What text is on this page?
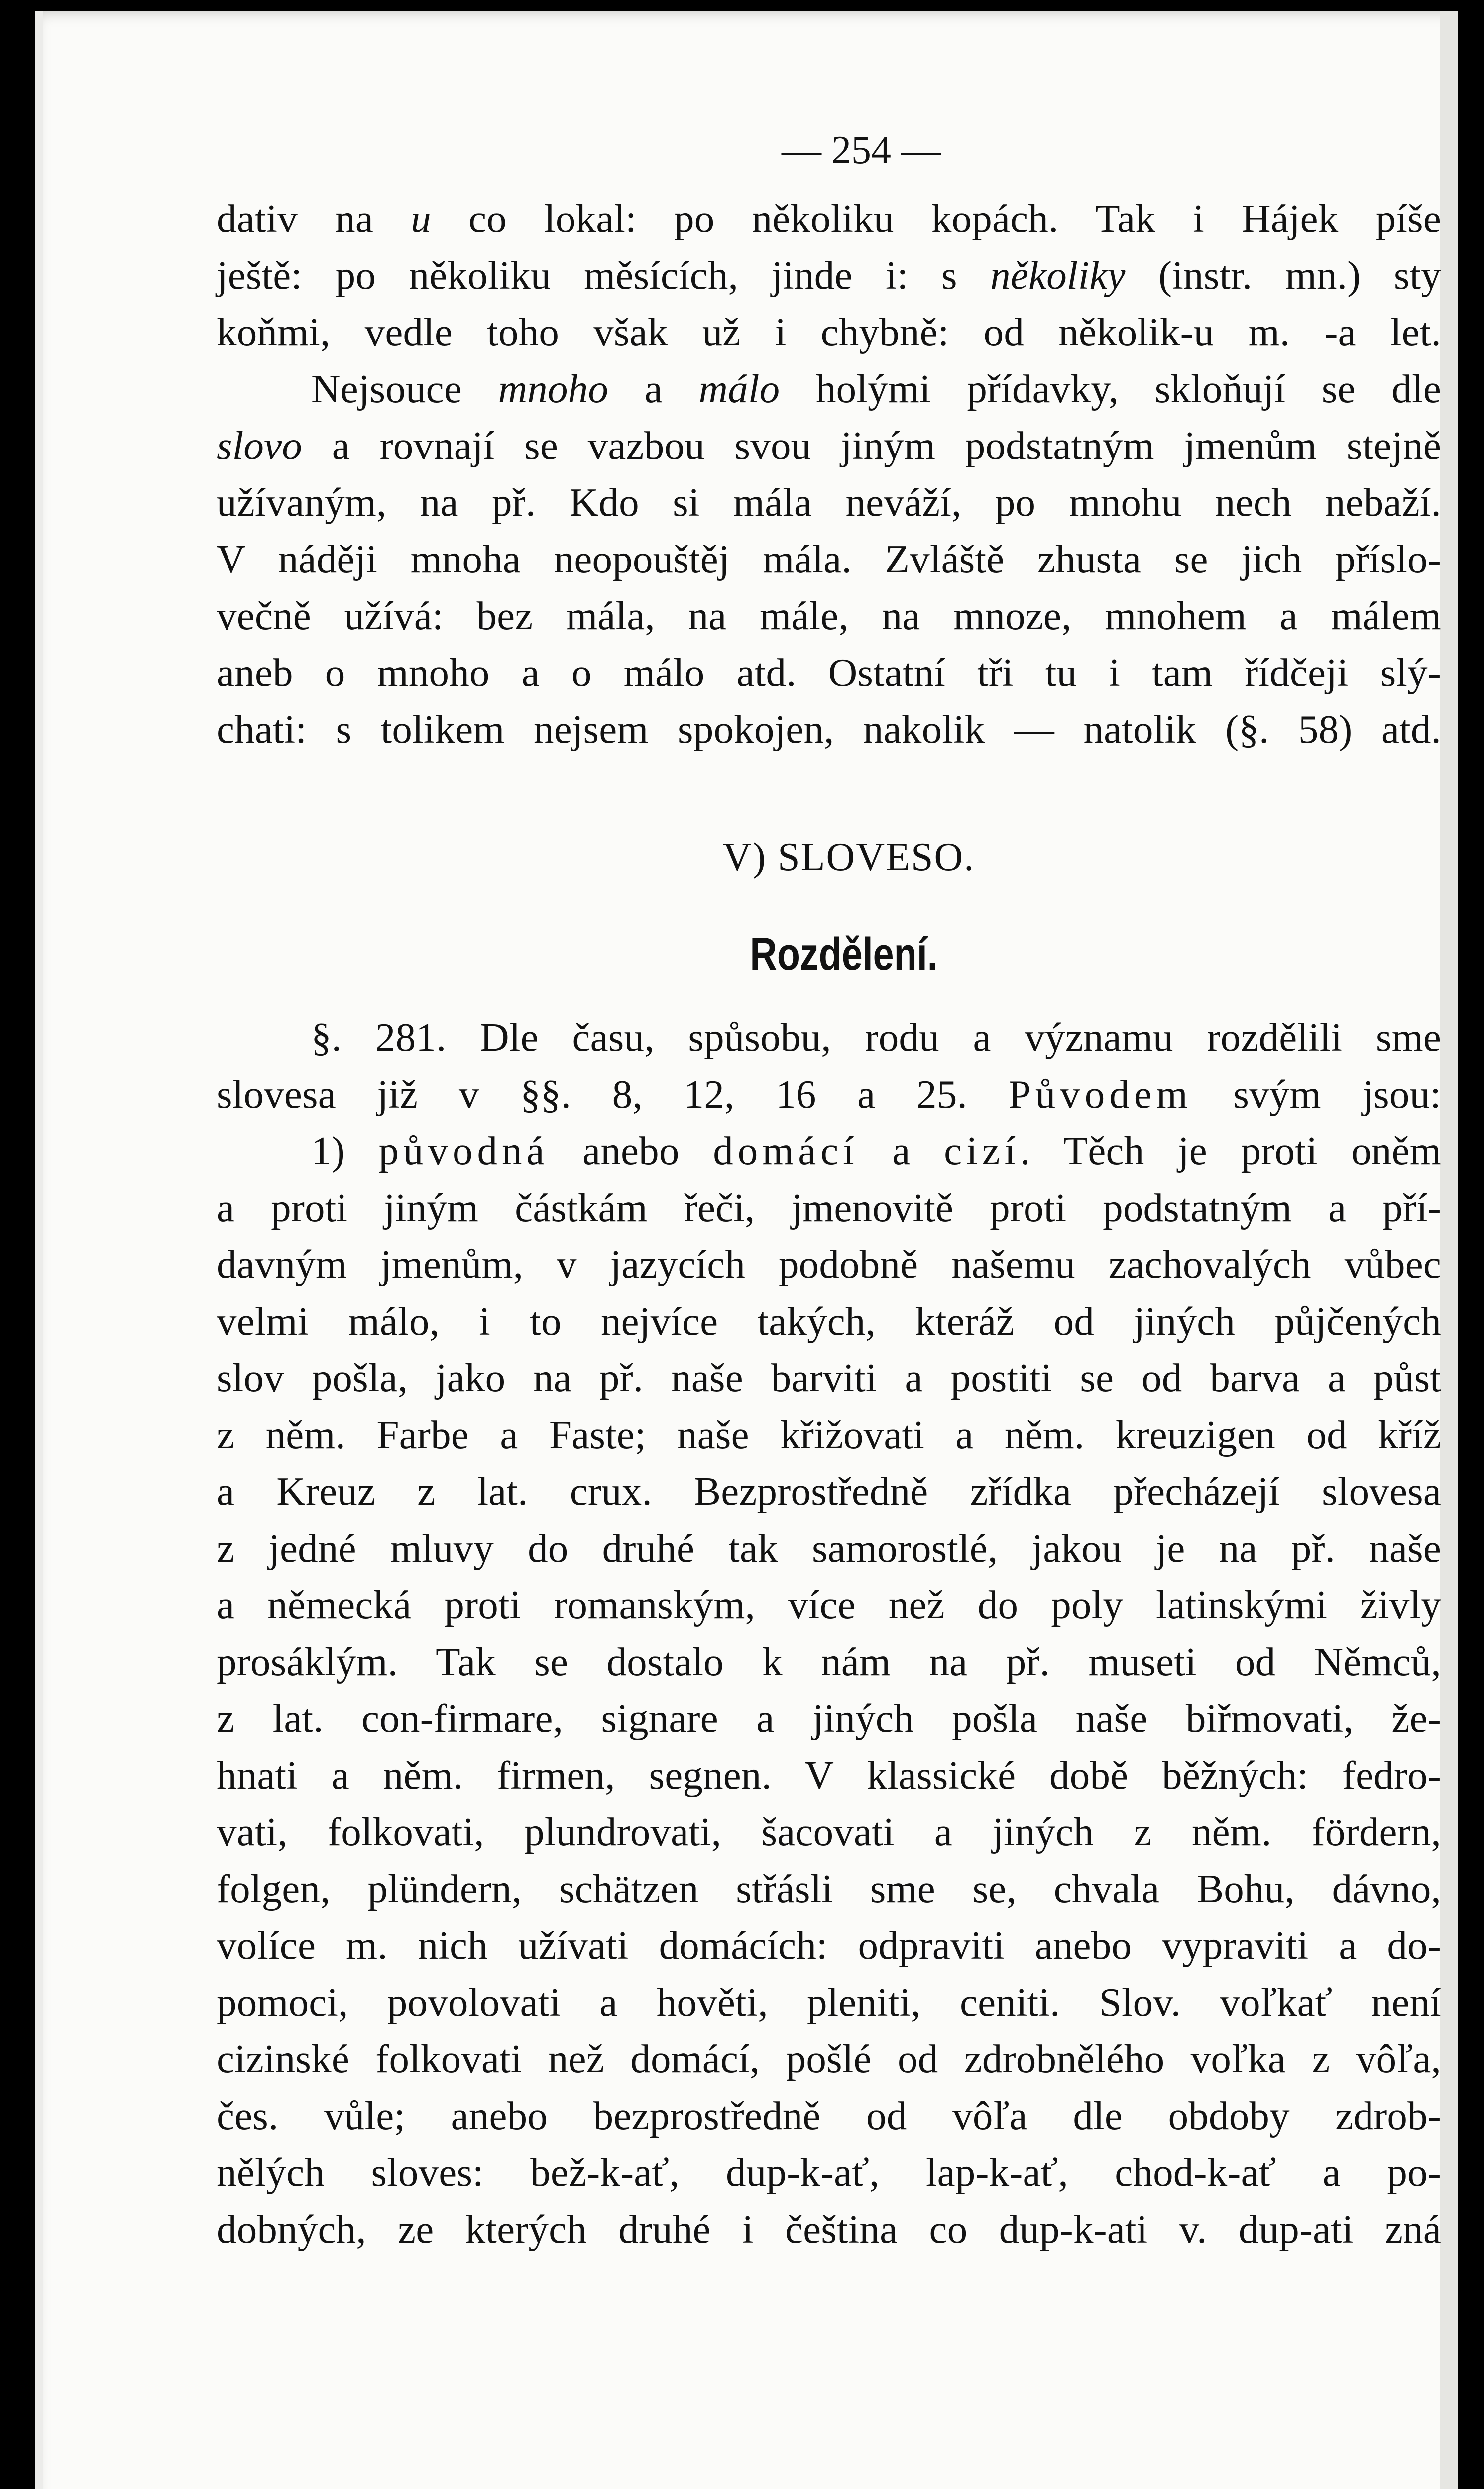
— 254 —
dativ na u co lokal: po několiku kopách. Tak i Hájek píše
ještě: po několiku měsících, jinde i: s několiky (instr. mn.) sty
koňmi, vedle toho však už i chybně: od několik-u m. -a let.
Nejsouce mnoho a málo holými přídavky, skloňují se dle
slovo a rovnají se vazbou svou jiným podstatným jmenům stejně
užívaným, na př. Kdo si mála neváží, po mnohu nech nebaží.
V náději mnoha neopouštěj mála. Zvláště zhusta se jich příslo-
večně užívá: bez mála, na mále, na mnoze, mnohem a málem
aneb o mnoho a o málo atd. Ostatní tři tu i tam řídčeji slý-
chati: s tolikem nejsem spokojen, nakolik — natolik (§. 58) atd.
V) SLOVESO.
Rozdělení.
§. 281. Dle času, spůsobu, rodu a významu rozdělili sme
slovesa již v §§. 8, 12, 16 a 25. Původem svým jsou:
1) původná anebo domácí a cizí. Těch je proti oněm
a proti jiným částkám řeči, jmenovitě proti podstatným a pří-
davným jmenům, v jazycích podobně našemu zachovalých vůbec
velmi málo, i to nejvíce takých, kteráž od jiných půjčených
slov pošla, jako na př. naše barviti a postiti se od barva a půst
z něm. Farbe a Faste; naše křižovati a něm. kreuzigen od kříž
a Kreuz z lat. crux. Bezprostředně zřídka přecházejí slovesa
z jedné mluvy do druhé tak samorostlé, jakou je na př. naše
a německá proti romanským, více než do poly latinskými živly
prosáklým. Tak se dostalo k nám na př. museti od Němců,
z lat. con-firmare, signare a jiných pošla naše biřmovati, že-
hnati a něm. firmen, segnen. V klassické době běžných: fedro-
vati, folkovati, plundrovati, šacovati a jiných z něm. fördern,
folgen, plündern, schätzen střásli sme se, chvala Bohu, dávno,
volíce m. nich užívati domácích: odpraviti anebo vypraviti a do-
pomoci, povolovati a hověti, pleniti, ceniti. Slov. voľkať není
cizinské folkovati než domácí, pošlé od zdrobnělého voľka z vôľa,
čes. vůle; anebo bezprostředně od vôľa dle obdoby zdrob-
nělých sloves: bež-k-ať, dup-k-ať, lap-k-ať, chod-k-ať a po-
dobných, ze kterých druhé i čeština co dup-k-ati v. dup-ati zná
